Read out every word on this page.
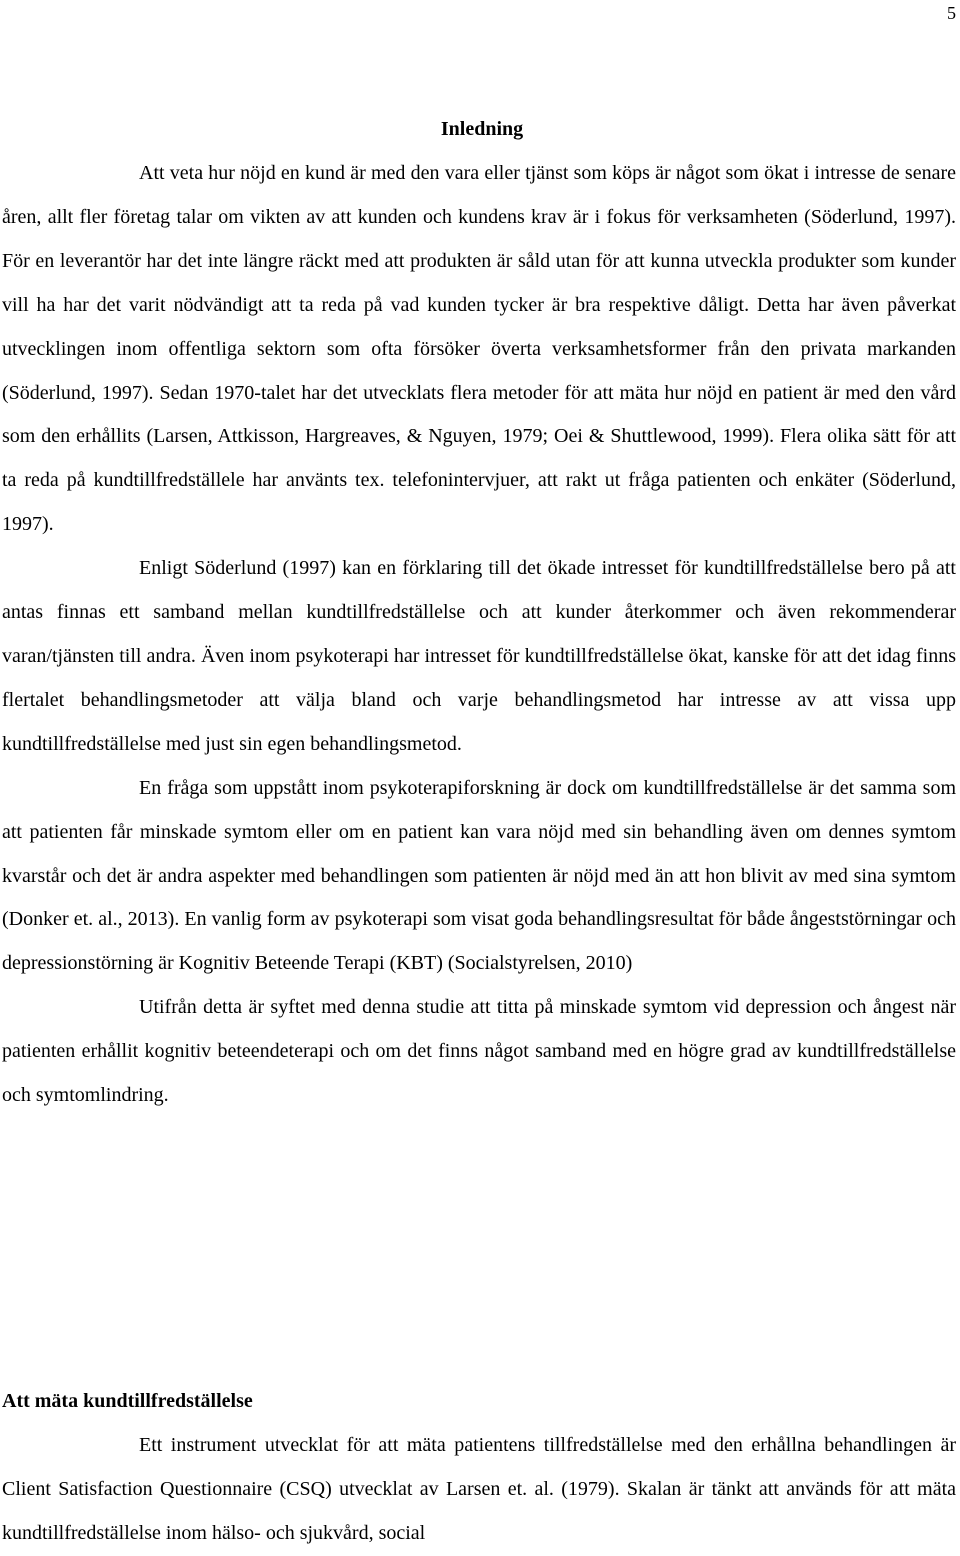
5
Inledning

Att veta hur nöjd en kund är med den vara eller tjänst som köps är något som ökat i intresse de senare åren, allt fler företag talar om vikten av att kunden och kundens krav är i fokus för verksamheten (Söderlund, 1997). För en leverantör har det inte längre räckt med att produkten är såld utan för att kunna utveckla produkter som kunder vill ha har det varit nödvändigt att ta reda på vad kunden tycker är bra respektive dåligt. Detta har även påverkat utvecklingen inom offentliga sektorn som ofta försöker överta verksamhetsformer från den privata markanden (Söderlund, 1997). Sedan 1970-talet har det utvecklats flera metoder för att mäta hur nöjd en patient är med den vård som den erhållits (Larsen, Attkisson, Hargreaves, & Nguyen, 1979; Oei & Shuttlewood, 1999). Flera olika sätt för att ta reda på kundtillfredställele har använts tex. telefonintervjuer, att rakt ut fråga patienten och enkäter (Söderlund, 1997).

Enligt Söderlund (1997) kan en förklaring till det ökade intresset för kundtillfredställelse bero på att antas finnas ett samband mellan kundtillfredställelse och att kunder återkommer och även rekommenderar varan/tjänsten till andra. Även inom psykoterapi har intresset för kundtillfredställelse ökat, kanske för att det idag finns flertalet behandlingsmetoder att välja bland och varje behandlingsmetod har intresse av att vissa upp kundtillfredställelse med just sin egen behandlingsmetod.

En fråga som uppstått inom psykoterapiforskning är dock om kundtillfredställelse är det samma som att patienten får minskade symtom eller om en patient kan vara nöjd med sin behandling även om dennes symtom kvarstår och det är andra aspekter med behandlingen som patienten är nöjd med än att hon blivit av med sina symtom (Donker et. al., 2013). En vanlig form av psykoterapi som visat goda behandlingsresultat för både ångeststörningar och depressionstörning är Kognitiv Beteende Terapi (KBT) (Socialstyrelsen, 2010)

Utifrån detta är syftet med denna studie att titta på minskade symtom vid depression och ångest när patienten erhållit kognitiv beteendeterapi och om det finns något samband med en högre grad av kundtillfredställelse och symtomlindring.

Att mäta kundtillfredställelse

Ett instrument utvecklat för att mäta patientens tillfredställelse med den erhållna behandlingen är Client Satisfaction Questionnaire (CSQ) utvecklat av Larsen et. al. (1979). Skalan är tänkt att används för att mäta kundtillfredställelse inom hälso- och sjukvård, social
